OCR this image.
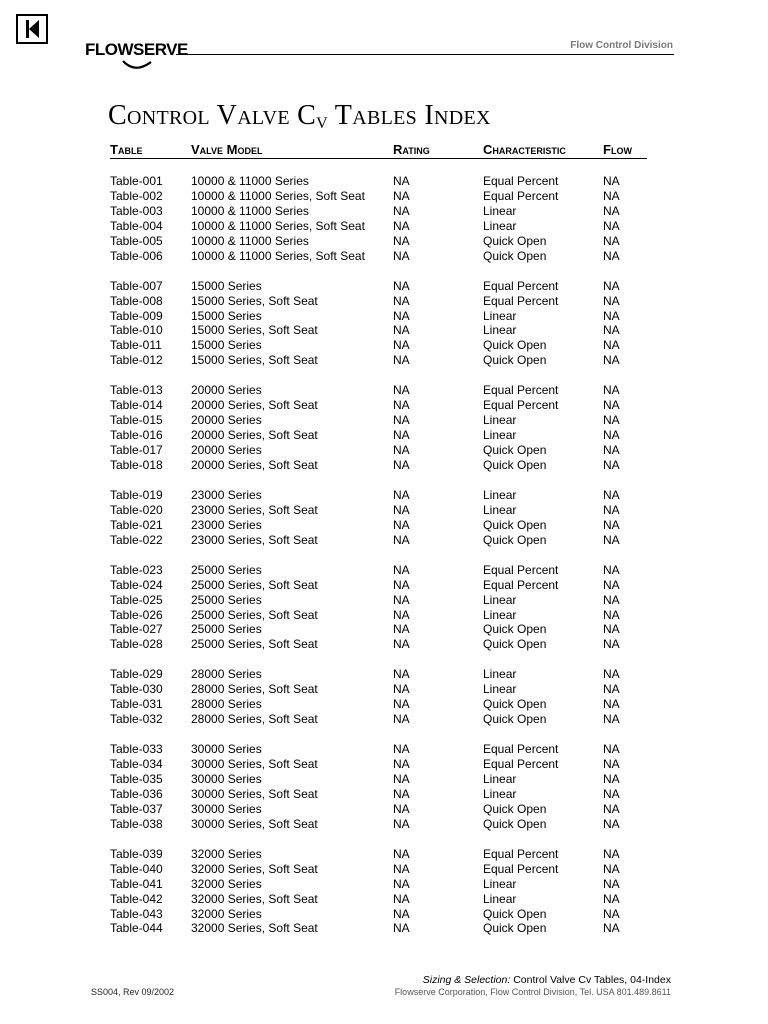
FLOWSERVE	Flow Control Division
Control Valve $C_V$ Tables Index
Table	Valve Model	Rating	Characteristic	Flow

Table-001	10000 & 11000 Series	NA	Equal Percent	NA
Table-002	10000 & 11000 Series, Soft Seat	NA	Equal Percent	NA
Table-003	10000 & 11000 Series	NA	Linear	NA
Table-004	10000 & 11000 Series, Soft Seat	NA	Linear	NA
Table-005	10000 & 11000 Series	NA	Quick Open	NA
Table-006	10000 & 11000 Series, Soft Seat	NA	Quick Open	NA

Table-007	15000 Series	NA	Equal Percent	NA
Table-008	15000 Series, Soft Seat	NA	Equal Percent	NA
Table-009	15000 Series	NA	Linear	NA
Table-010	15000 Series, Soft Seat	NA	Linear	NA
Table-011	15000 Series	NA	Quick Open	NA
Table-012	15000 Series, Soft Seat	NA	Quick Open	NA

Table-013	20000 Series	NA	Equal Percent	NA
Table-014	20000 Series, Soft Seat	NA	Equal Percent	NA
Table-015	20000 Series	NA	Linear	NA
Table-016	20000 Series, Soft Seat	NA	Linear	NA
Table-017	20000 Series	NA	Quick Open	NA
Table-018	20000 Series, Soft Seat	NA	Quick Open	NA

Table-019	23000 Series	NA	Linear	NA
Table-020	23000 Series, Soft Seat	NA	Linear	NA
Table-021	23000 Series	NA	Quick Open	NA
Table-022	23000 Series, Soft Seat	NA	Quick Open	NA

Table-023	25000 Series	NA	Equal Percent	NA
Table-024	25000 Series, Soft Seat	NA	Equal Percent	NA
Table-025	25000 Series	NA	Linear	NA
Table-026	25000 Series, Soft Seat	NA	Linear	NA
Table-027	25000 Series	NA	Quick Open	NA
Table-028	25000 Series, Soft Seat	NA	Quick Open	NA

Table-029	28000 Series	NA	Linear	NA
Table-030	28000 Series, Soft Seat	NA	Linear	NA
Table-031	28000 Series	NA	Quick Open	NA
Table-032	28000 Series, Soft Seat	NA	Quick Open	NA

Table-033	30000 Series	NA	Equal Percent	NA
Table-034	30000 Series, Soft Seat	NA	Equal Percent	NA
Table-035	30000 Series	NA	Linear	NA
Table-036	30000 Series, Soft Seat	NA	Linear	NA
Table-037	30000 Series	NA	Quick Open	NA
Table-038	30000 Series, Soft Seat	NA	Quick Open	NA

Table-039	32000 Series	NA	Equal Percent	NA
Table-040	32000 Series, Soft Seat	NA	Equal Percent	NA
Table-041	32000 Series	NA	Linear	NA
Table-042	32000 Series, Soft Seat	NA	Linear	NA
Table-043	32000 Series	NA	Quick Open	NA
Table-044	32000 Series, Soft Seat	NA	Quick Open	NA
Sizing & Selection: Control Valve Cv Tables, 04-Index
Flowserve Corporation, Flow Control Division, Tel. USA 801.489.8611
SS004, Rev 09/2002
